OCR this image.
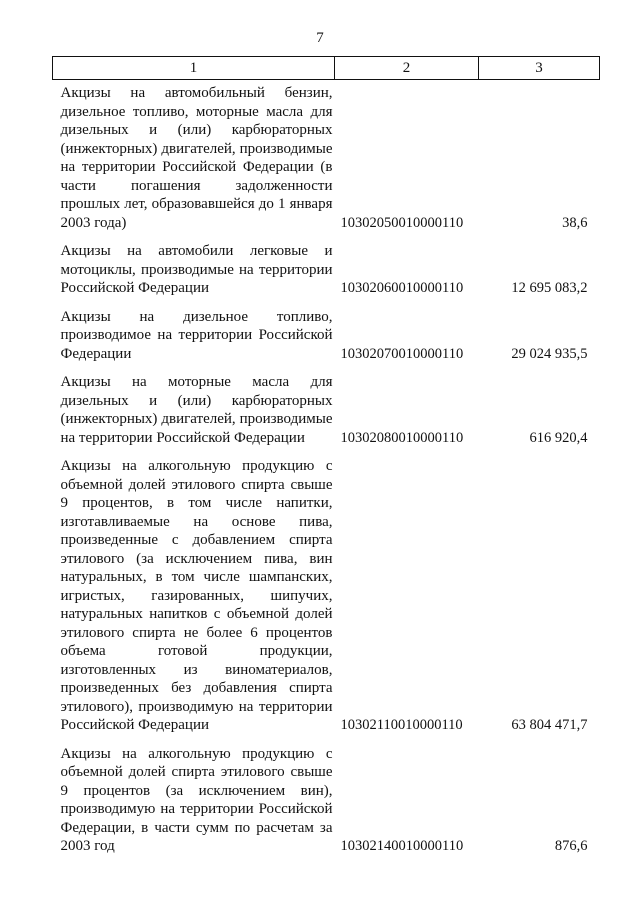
7
1	2	3
Акцизы на автомобильный бензин, дизельное топливо, моторные масла для дизельных и (или) карбюраторных (инжекторных) двигателей, производимые на территории Российской Федерации (в части погашения задолженности прошлых лет, образовавшейся до 1 января 2003 года)	10302050010000110	38,6
Акцизы на автомобили легковые и мотоциклы, производимые на территории Российской Федерации	10302060010000110	12 695 083,2
Акцизы на дизельное топливо, производимое на территории Российской Федерации	10302070010000110	29 024 935,5
Акцизы на моторные масла для дизельных и (или) карбюраторных (инжекторных) двигателей, производимые на территории Российской Федерации	10302080010000110	616 920,4
Акцизы на алкогольную продукцию с объемной долей этилового спирта свыше 9 процентов, в том числе напитки, изготавливаемые на основе пива, произведенные с добавлением спирта этилового (за исключением пива, вин натуральных, в том числе шампанских, игристых, газированных, шипучих, натуральных напитков с объемной долей этилового спирта не более 6 процентов объема готовой продукции, изготовленных из виноматериалов, произведенных без добавления спирта этилового), производимую на территории Российской Федерации	10302110010000110	63 804 471,7
Акцизы на алкогольную продукцию с объемной долей спирта этилового свыше 9 процентов (за исключением вин), производимую на территории Российской Федерации, в части сумм по расчетам за 2003 год	10302140010000110	876,6
